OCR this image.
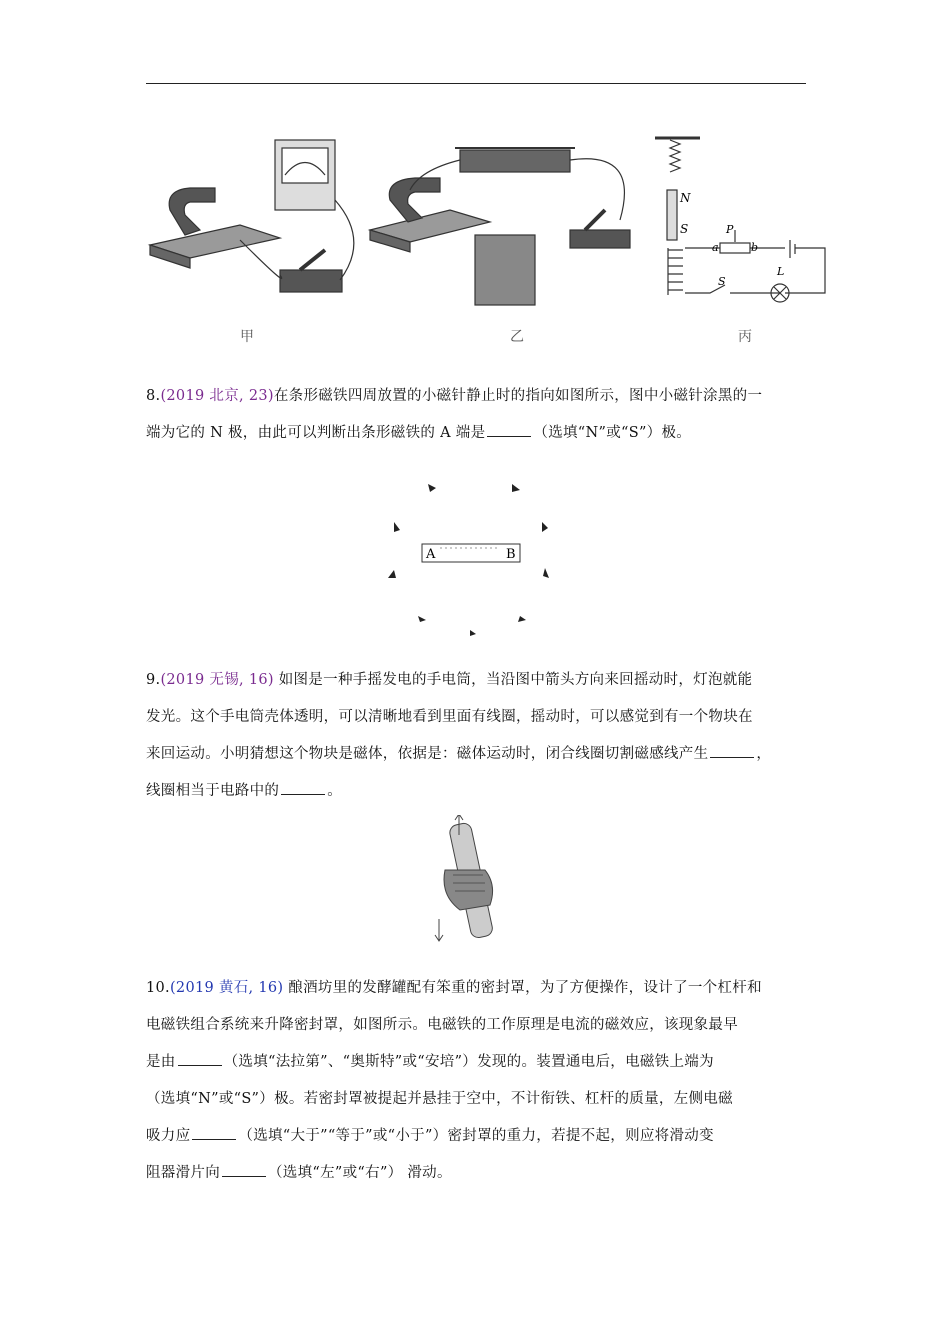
N
S
a	b
P
S
L
甲	乙	丙
8.(2019 北京, 23)在条形磁铁四周放置的小磁针静止时的指向如图所示，图中小磁针涂黑的一
端为它的 N 极，由此可以判断出条形磁铁的 A 端是	（选填“N”或“S”）极。
A	B
9.(2019 无锡, 16) 如图是一种手摇发电的手电筒，当沿图中箭头方向来回摇动时，灯泡就能
发光。这个手电筒壳体透明，可以清晰地看到里面有线圈，摇动时，可以感觉到有一个物块在
来回运动。小明猜想这个物块是磁体，依据是：磁体运动时，闭合线圈切割磁感线产生	，
线圈相当于电路中的	。
10.(2019 黄石, 16) 酿酒坊里的发酵罐配有笨重的密封罩，为了方便操作，设计了一个杠杆和
电磁铁组合系统来升降密封罩，如图所示。电磁铁的工作原理是电流的磁效应，该现象最早
是由	（选填“法拉第”、“奥斯特”或“安培”）发现的。装置通电后，电磁铁上端为
（选填“N”或“S”）极。若密封罩被提起并悬挂于空中，不计衔铁、杠杆的质量，左侧电磁
吸力应	（选填“大于”“等于”或“小于”）密封罩的重力，若提不起，则应将滑动变
阻器滑片向	（选填“左”或“右”） 滑动。
